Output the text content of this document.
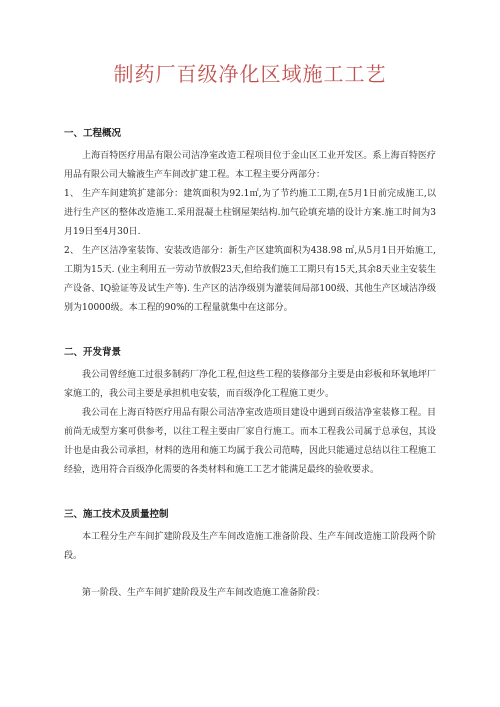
制药厂百级净化区域施工工艺

一、工程概况

上海百特医疗用品有限公司洁净室改造工程项目位于金山区工业开发区。系上海百特医疗用品有限公司大输液生产车间改扩建工程。本工程主要分两部分：

1、 生产车间建筑扩建部分：建筑面积为92.1㎡,为了节约施工工期,在5月1日前完成施工,以进行生产区的整体改造施工.采用混凝土柱钢屋架结构.加气砼填充墙的设计方案.施工时间为3月19日至4月30日.

2、 生产区洁净室装饰、安装改造部分：新生产区建筑面积为438.98 ㎡,从5月1日开始施工,工期为15天. (业主利用五一劳动节放假23天,但给我们施工工期只有15天,其余8天业主安装生产设备、IQ验证等及试生产等). 生产区的洁净级别为灌装间局部100级、其他生产区域洁净级别为10000级。本工程的90%的工程量就集中在这部分。

二、开发背景

我公司曾经施工过很多制药厂净化工程,但这些工程的装修部分主要是由彩板和环氧地坪厂家施工的，我公司主要是承担机电安装，而百级净化工程施工更少。

我公司在上海百特医疗用品有限公司洁净室改造项目建设中遇到百级洁净室装修工程。目前尚无成型方案可供参考，以往工程主要由厂家自行施工。而本工程我公司属于总承包，其设计也是由我公司承担，材料的选用和施工均属于我公司范畴，因此只能通过总结以往工程施工经验，选用符合百级净化需要的各类材料和施工工艺才能满足最终的验收要求。

三、施工技术及质量控制

本工程分生产车间扩建阶段及生产车间改造施工准备阶段、生产车间改造施工阶段两个阶段。

第一阶段、生产车间扩建阶段及生产车间改造施工准备阶段：
